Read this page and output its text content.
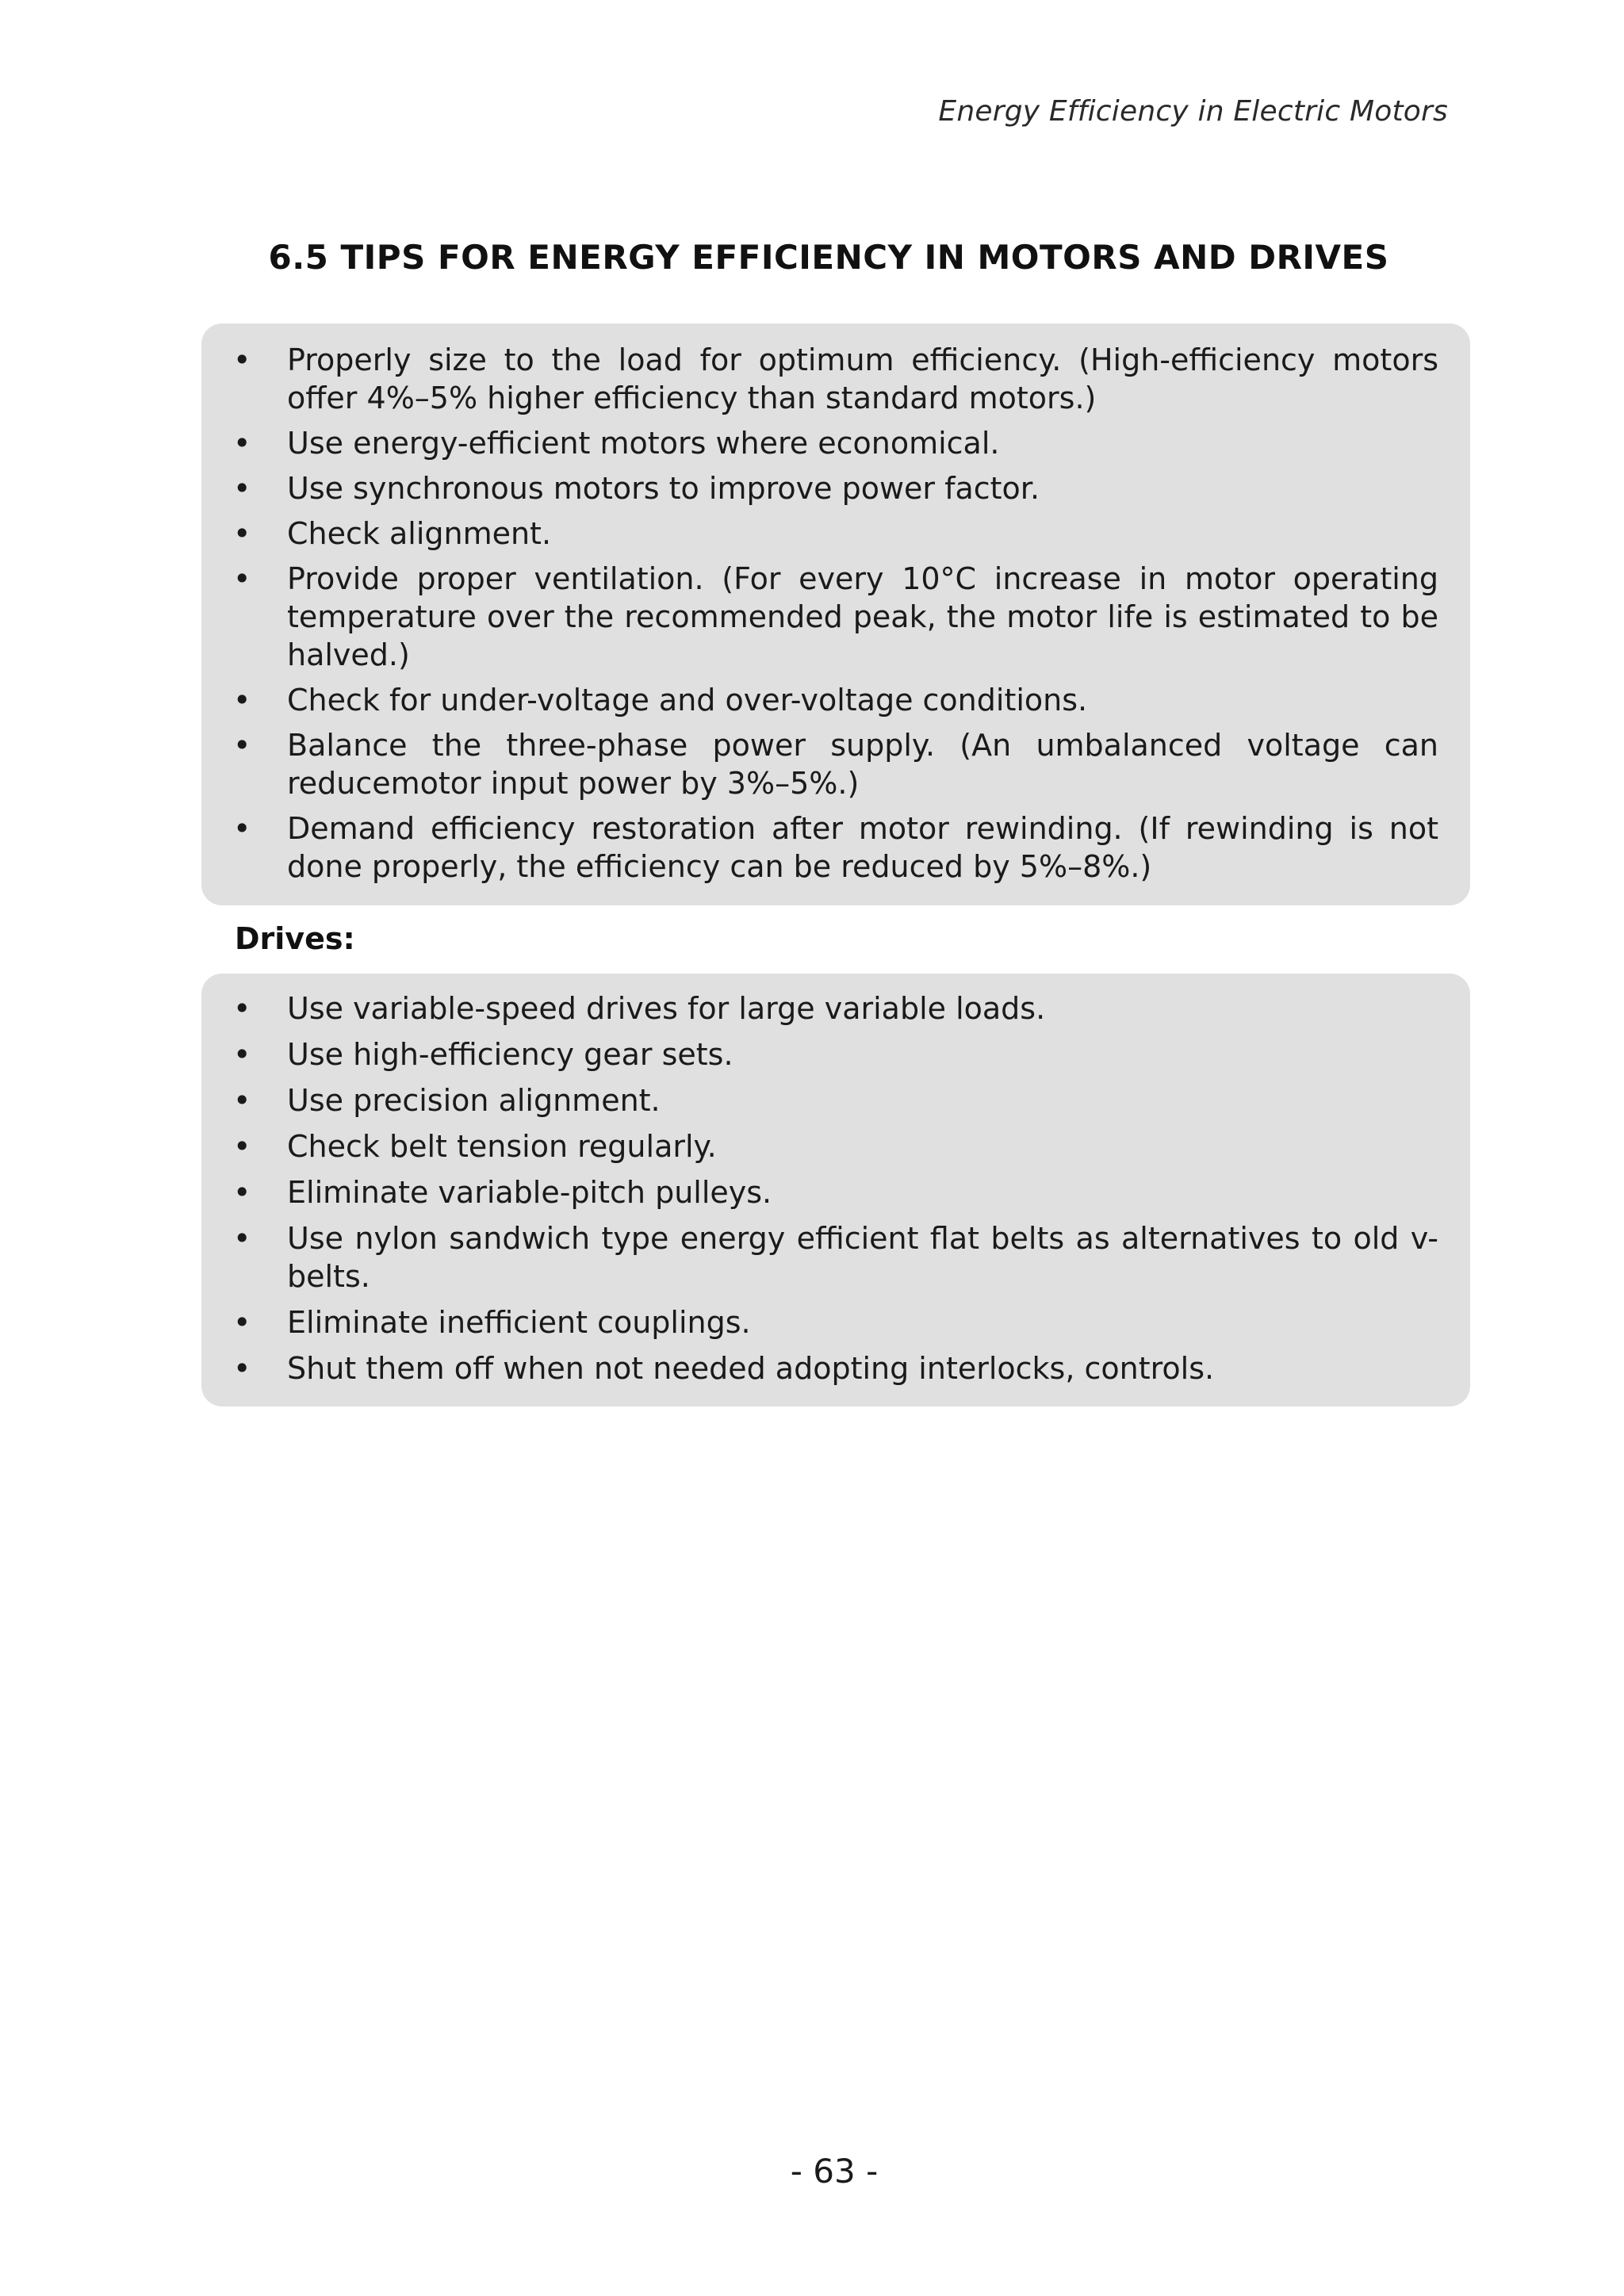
Energy Efficiency in Electric Motors
6.5 TIPS FOR ENERGY EFFICIENCY IN MOTORS AND DRIVES
• Properly size to the load for optimum efficiency. (High-efficiency motors offer 4%–5% higher efficiency than standard motors.)
• Use energy-efficient motors where economical.
• Use synchronous motors to improve power factor.
• Check alignment.
• Provide proper ventilation. (For every 10°C increase in motor operating temperature over the recommended peak, the motor life is estimated to be halved.)
• Check for under-voltage and over-voltage conditions.
• Balance the three-phase power supply. (An umbalanced voltage can reducemotor input power by 3%–5%.)
• Demand efficiency restoration after motor rewinding. (If rewinding is not done properly, the efficiency can be reduced by 5%–8%.)
Drives:
• Use variable-speed drives for large variable loads.
• Use high-efficiency gear sets.
• Use precision alignment.
• Check belt tension regularly.
• Eliminate variable-pitch pulleys.
• Use nylon sandwich type energy efficient flat belts as alternatives to old v-belts.
• Eliminate inefficient couplings.
• Shut them off when not needed adopting interlocks, controls.
- 63 -
